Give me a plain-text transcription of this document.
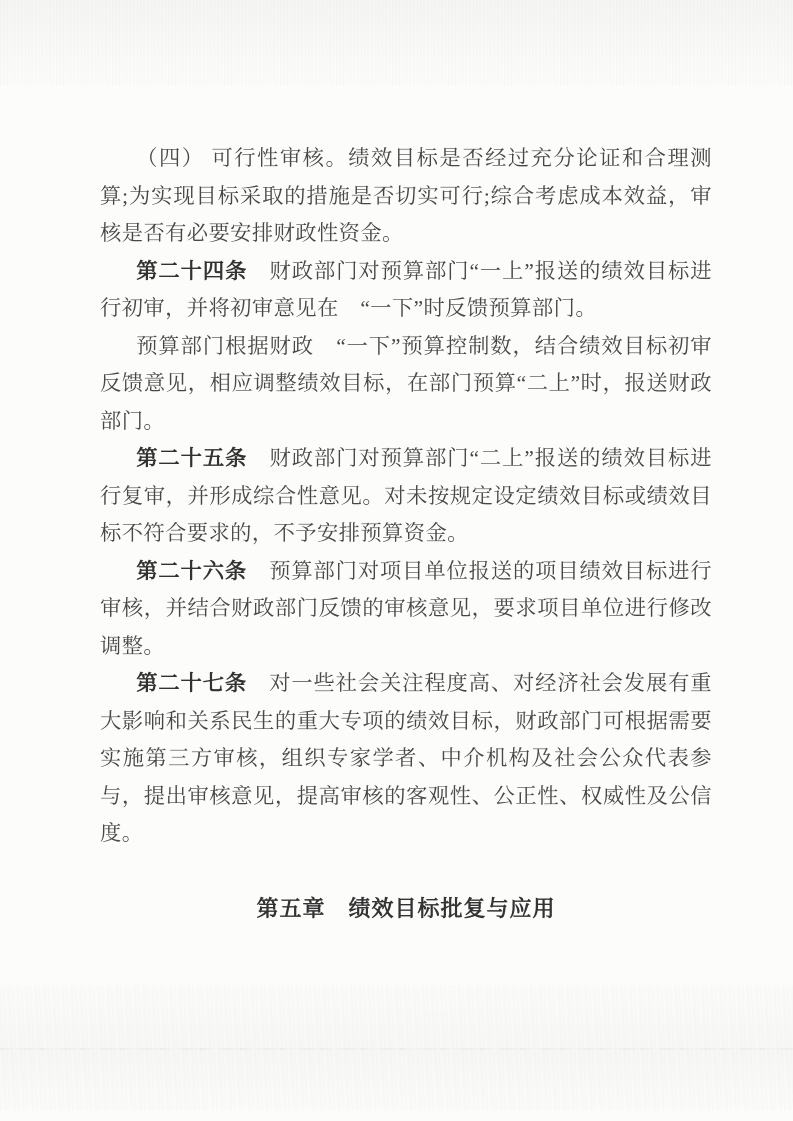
（四） 可行性审核。绩效目标是否经过充分论证和合理测算;为实现目标采取的措施是否切实可行;综合考虑成本效益，审核是否有必要安排财政性资金。

第二十四条　财政部门对预算部门“一上”报送的绩效目标进行初审，并将初审意见在　“一下”时反馈预算部门。

预算部门根据财政　“一下”预算控制数，结合绩效目标初审反馈意见，相应调整绩效目标，在部门预算“二上”时，报送财政部门。

第二十五条　财政部门对预算部门“二上”报送的绩效目标进行复审，并形成综合性意见。对未按规定设定绩效目标或绩效目标不符合要求的，不予安排预算资金。

第二十六条　预算部门对项目单位报送的项目绩效目标进行审核，并结合财政部门反馈的审核意见，要求项目单位进行修改调整。

第二十七条　对一些社会关注程度高、对经济社会发展有重大影响和关系民生的重大专项的绩效目标，财政部门可根据需要实施第三方审核，组织专家学者、中介机构及社会公众代表参与，提出审核意见，提高审核的客观性、公正性、权威性及公信度。

第五章　绩效目标批复与应用
